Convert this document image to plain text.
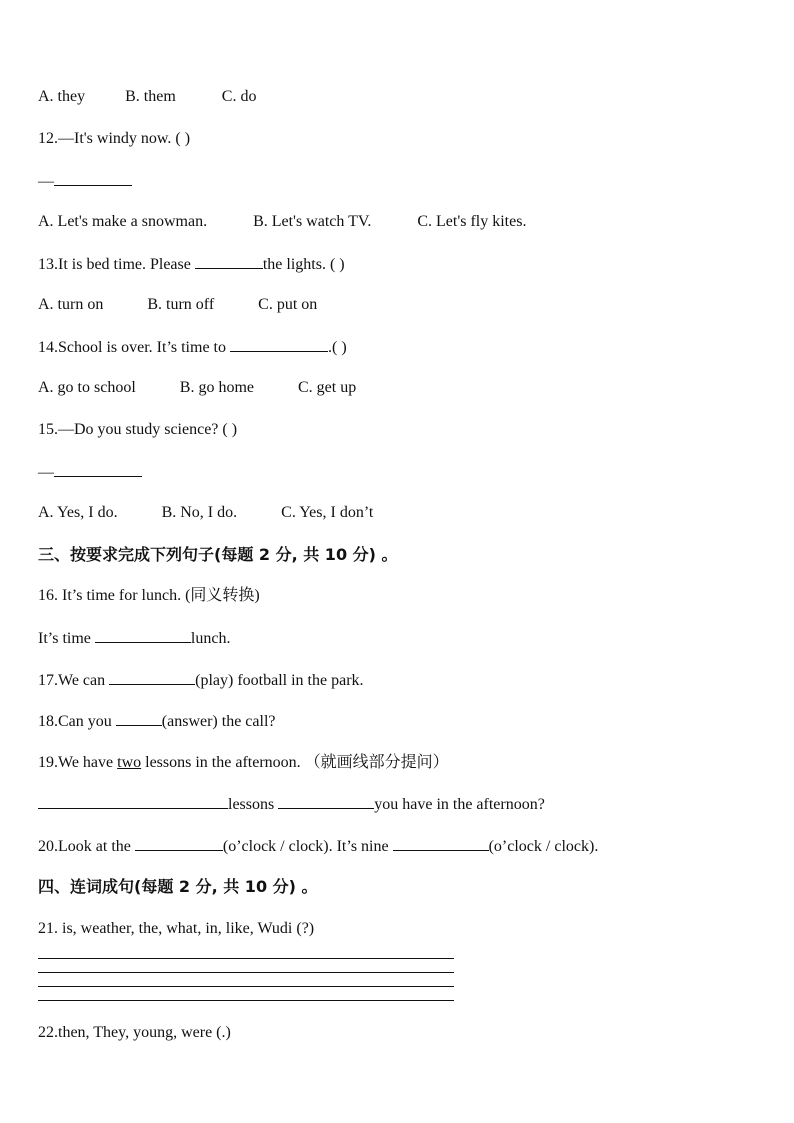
A. they	B. them	C. do
12.—It's windy now. ( )
—
A. Let's make a snowman.	B. Let's watch TV.	C. Let's fly kites.
13.It is bed time. Please	the lights. ( )
A. turn on	B. turn off	C. put on
14.School is over. It’s time to	.( )
A. go to school	B. go home	C. get up
15.—Do you study science? ( )
—
A. Yes, I do.	B. No, I do.	C. Yes, I don’t
三、按要求完成下列句子(每题 2 分, 共 10 分) 。
16. It’s time for lunch. (同义转换)
It’s time	lunch.
17.We can	(play) football in the park.
18.Can you	(answer) the call?
19.We have two lessons in the afternoon. （就画线部分提问）
lessons	you have in the afternoon?
20.Look at the	(o’clock / clock). It’s nine	(o’clock / clock).
四、连词成句(每题 2 分, 共 10 分) 。
21. is, weather, the, what, in, like, Wudi (?)
22.then, They, young, were (.)
